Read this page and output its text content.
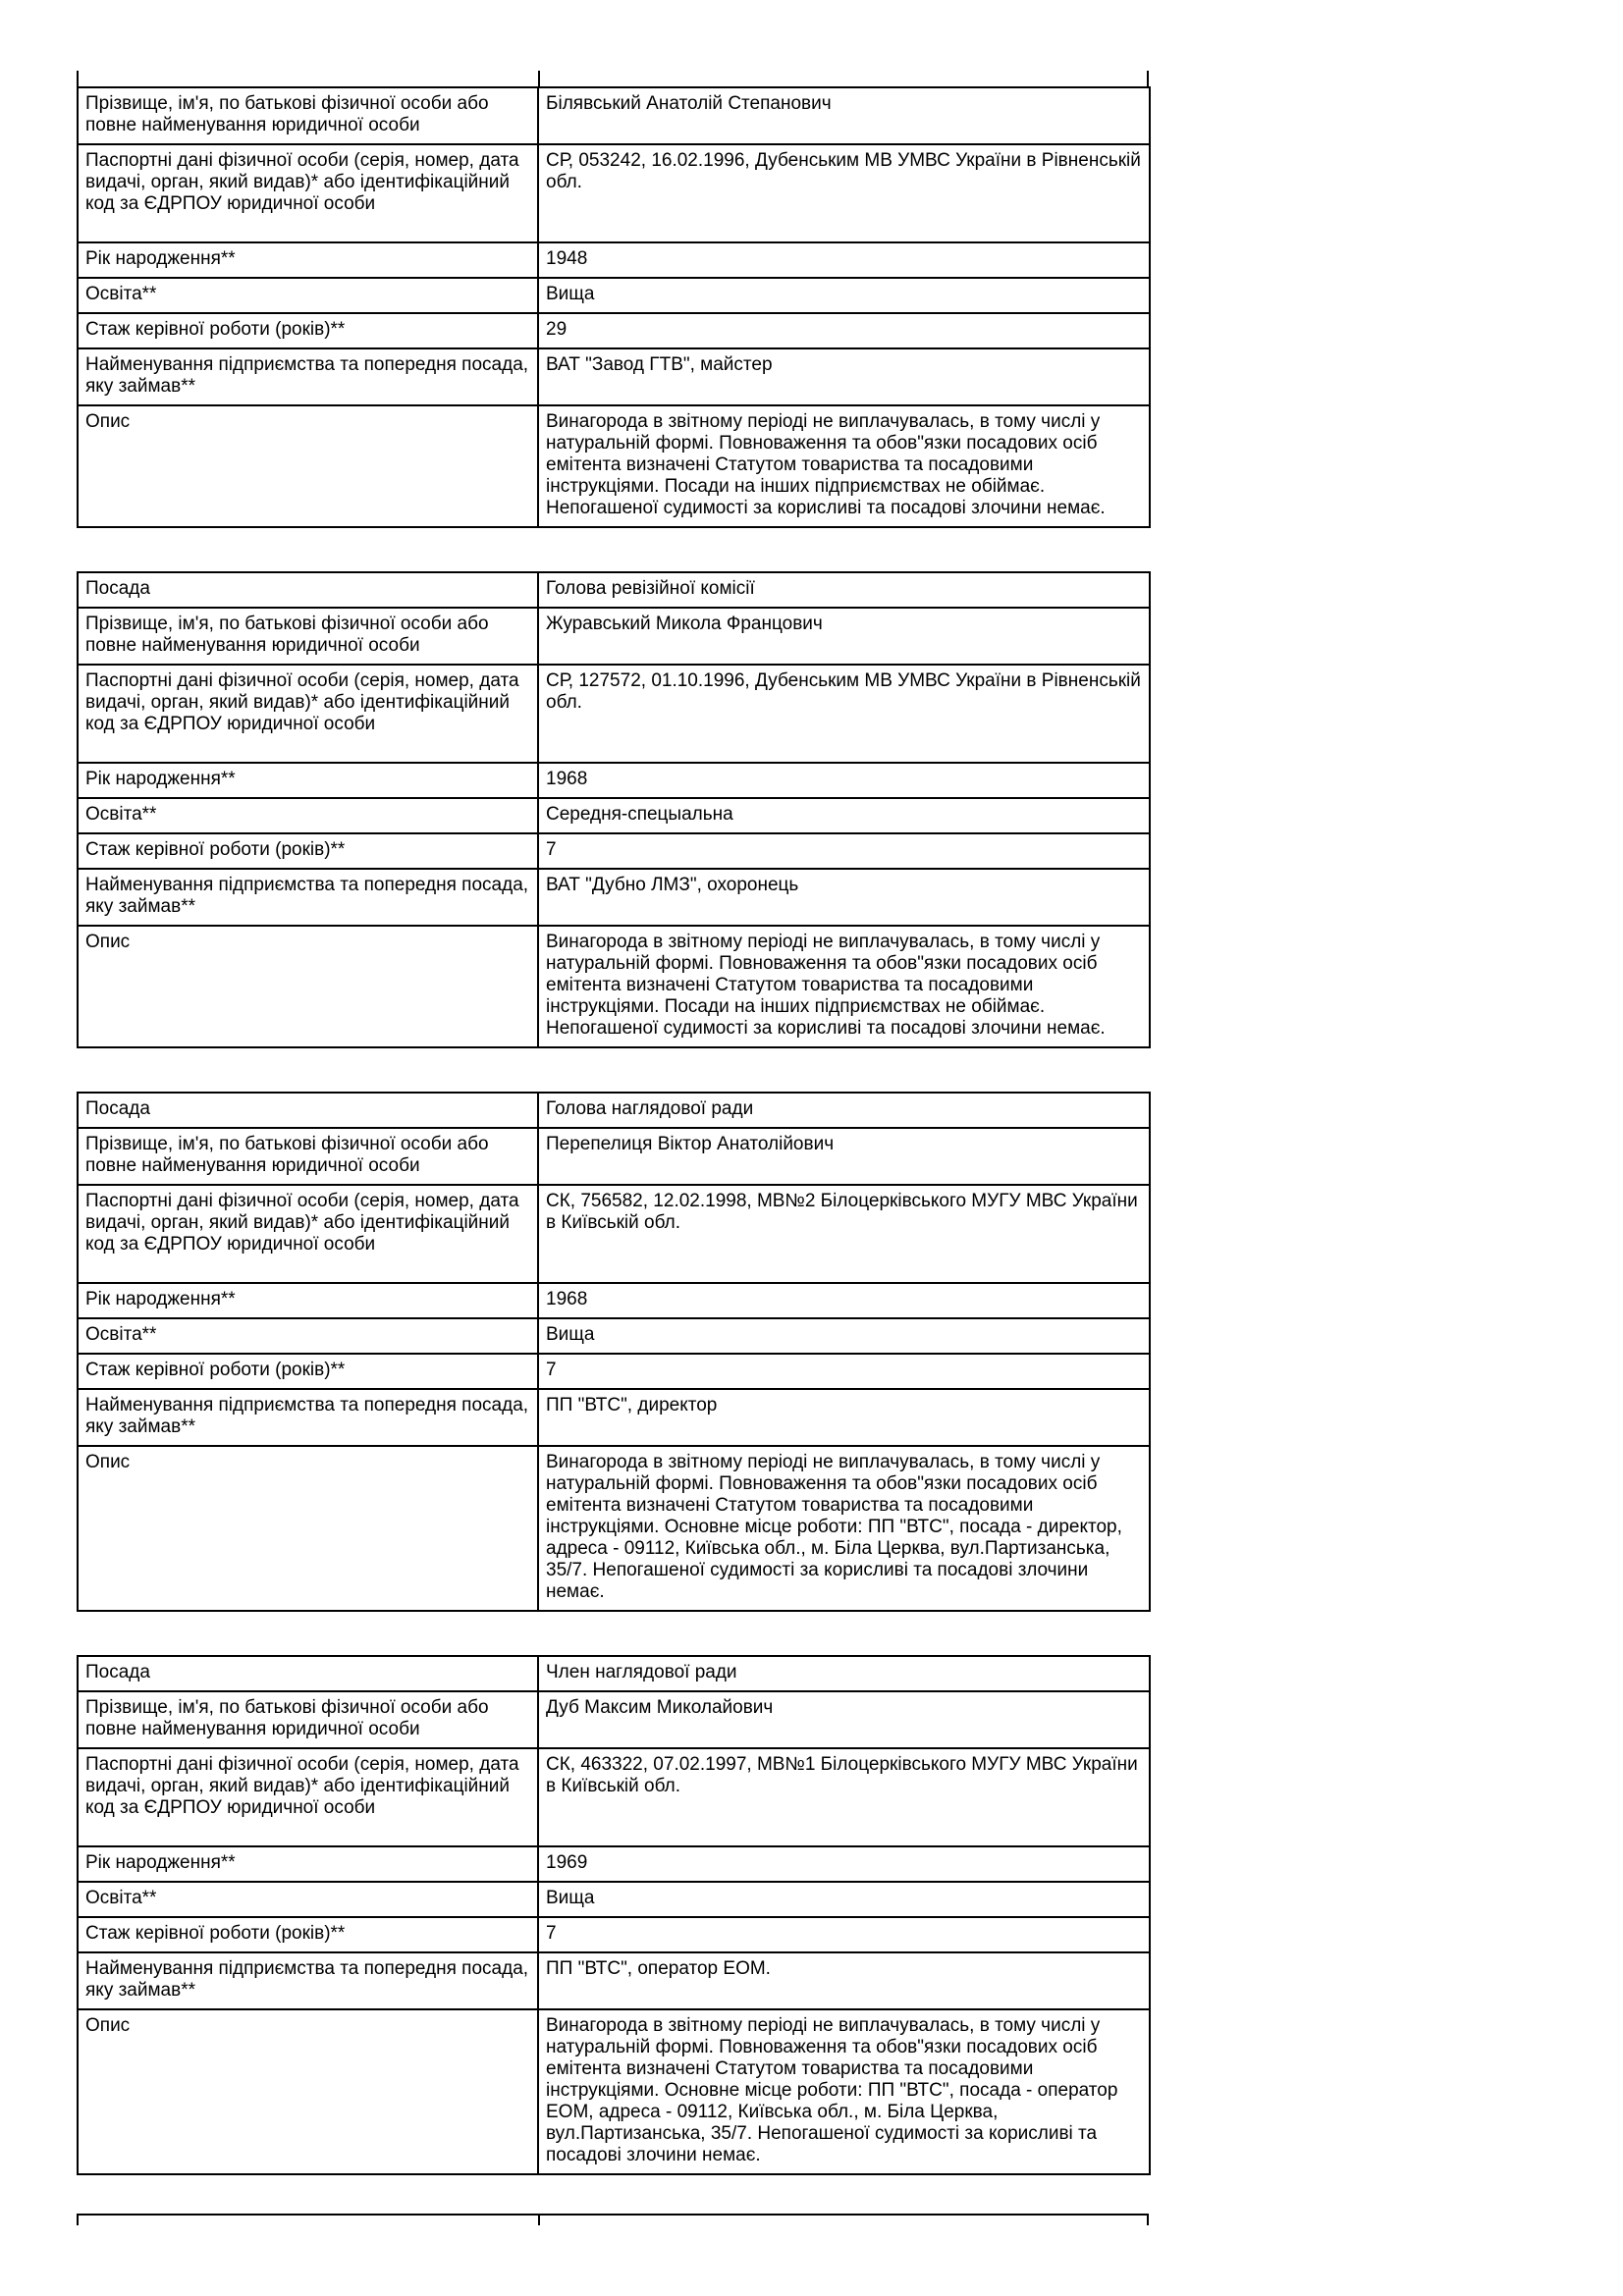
Прізвище, ім'я, по батькові фізичної особи або повне найменування юридичної особи	Білявський Анатолій Степанович
Паспортні дані фізичної особи (серія, номер, дата видачі, орган, який видав)* або ідентифікаційний код за ЄДРПОУ юридичної особи	СР, 053242, 16.02.1996, Дубенським МВ УМВС України в Рівненській обл.
Рік народження**	1948
Освіта**	Вища
Стаж керівної роботи (років)**	29
Найменування підприємства та попередня посада, яку займав**	ВАТ "Завод ГТВ", майстер
Опис	Винагорода в звітному періоді не виплачувалась, в тому числі у натуральній формі. Повноваження та обов"язки посадових осіб емітента визначені Статутом товариства та посадовими інструкціями. Посади на інших підприємствах не обіймає. Непогашеної судимості за корисливі та посадові злочини немає.
Посада	Голова ревізійної комісії
Прізвище, ім'я, по батькові фізичної особи або повне найменування юридичної особи	Журавський Микола Францович
Паспортні дані фізичної особи (серія, номер, дата видачі, орган, який видав)* або ідентифікаційний код за ЄДРПОУ юридичної особи	СР, 127572, 01.10.1996, Дубенським МВ УМВС України в Рівненській обл.
Рік народження**	1968
Освіта**	Середня-спецыальна
Стаж керівної роботи (років)**	7
Найменування підприємства та попередня посада, яку займав**	ВАТ "Дубно ЛМЗ", охоронець
Опис	Винагорода в звітному періоді не виплачувалась, в тому числі у натуральній формі. Повноваження та обов"язки посадових осіб емітента визначені Статутом товариства та посадовими інструкціями. Посади на інших підприємствах не обіймає. Непогашеної судимості за корисливі та посадові злочини немає.
Посада	Голова наглядової ради
Прізвище, ім'я, по батькові фізичної особи або повне найменування юридичної особи	Перепелиця Віктор Анатолійович
Паспортні дані фізичної особи (серія, номер, дата видачі, орган, який видав)* або ідентифікаційний код за ЄДРПОУ юридичної особи	СК, 756582, 12.02.1998, МВ№2 Білоцерківського МУГУ МВС України в Київській обл.
Рік народження**	1968
Освіта**	Вища
Стаж керівної роботи (років)**	7
Найменування підприємства та попередня посада, яку займав**	ПП "ВТС", директор
Опис	Винагорода в звітному періоді не виплачувалась, в тому числі у натуральній формі. Повноваження та обов"язки посадових осіб емітента визначені Статутом товариства та посадовими інструкціями. Основне місце роботи: ПП "ВТС", посада - директор, адреса - 09112, Київська обл., м. Біла Церква, вул.Партизанська, 35/7. Непогашеної судимості за корисливі та посадові злочини немає.
Посада	Член наглядової ради
Прізвище, ім'я, по батькові фізичної особи або повне найменування юридичної особи	Дуб Максим Миколайович
Паспортні дані фізичної особи (серія, номер, дата видачі, орган, який видав)* або ідентифікаційний код за ЄДРПОУ юридичної особи	СК, 463322, 07.02.1997, МВ№1 Білоцерківського МУГУ МВС України в Київській обл.
Рік народження**	1969
Освіта**	Вища
Стаж керівної роботи (років)**	7
Найменування підприємства та попередня посада, яку займав**	ПП "ВТС", оператор ЕОМ.
Опис	Винагорода в звітному періоді не виплачувалась, в тому числі у натуральній формі. Повноваження та обов"язки посадових осіб емітента визначені Статутом товариства та посадовими інструкціями. Основне місце роботи: ПП "ВТС", посада - оператор ЕОМ, адреса - 09112, Київська обл., м. Біла Церква, вул.Партизанська, 35/7. Непогашеної судимості за корисливі та посадові злочини немає.
